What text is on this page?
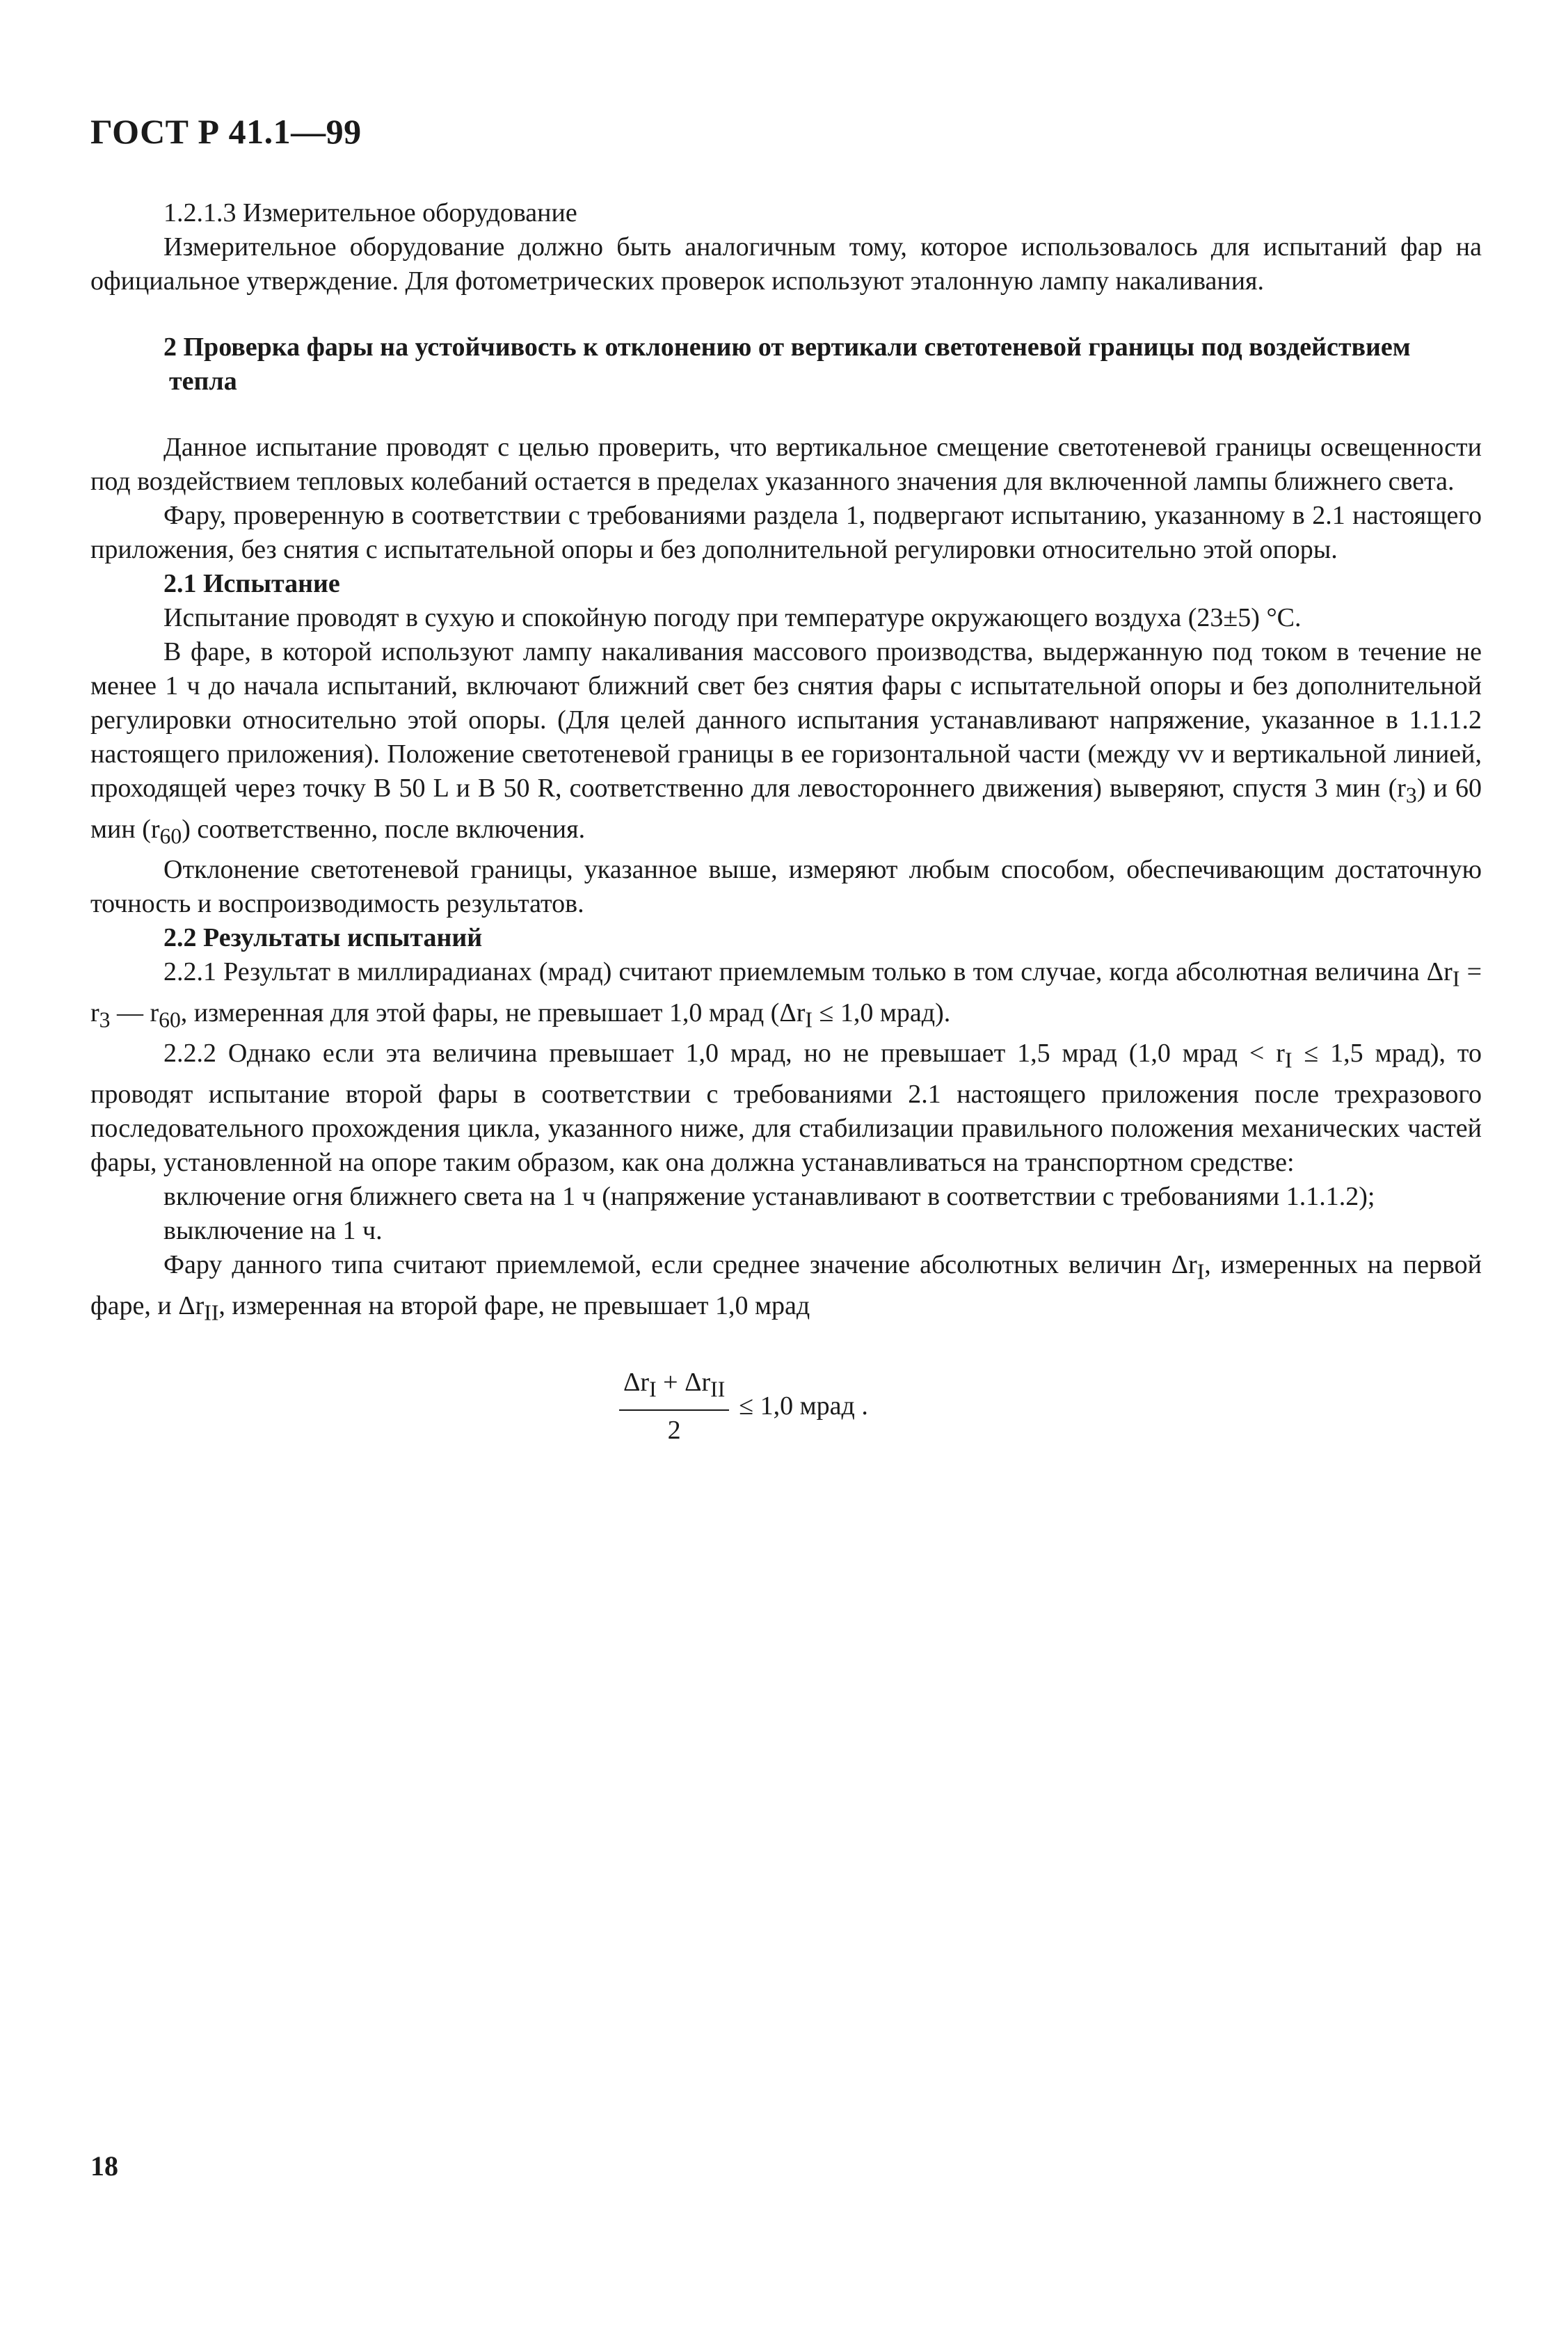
ГОСТ Р 41.1—99

1.2.1.3 Измерительное оборудование

Измерительное оборудование должно быть аналогичным тому, которое использовалось для испытаний фар на официальное утверждение. Для фотометрических проверок используют эталонную лампу накаливания.

2 Проверка фары на устойчивость к отклонению от вертикали светотеневой границы под воздействием
тепла

Данное испытание проводят с целью проверить, что вертикальное смещение светотеневой границы освещенности под воздействием тепловых колебаний остается в пределах указанного значения для включенной лампы ближнего света.

Фару, проверенную в соответствии с требованиями раздела 1, подвергают испытанию, указанному в 2.1 настоящего приложения, без снятия с испытательной опоры и без дополнительной регулировки относительно этой опоры.

2.1 Испытание

Испытание проводят в сухую и спокойную погоду при температуре окружающего воздуха (23±5) °С.

В фаре, в которой используют лампу накаливания массового производства, выдержанную под током в течение не менее 1 ч до начала испытаний, включают ближний свет без снятия фары с испытательной опоры и без дополнительной регулировки относительно этой опоры. (Для целей данного испытания устанавливают напряжение, указанное в 1.1.1.2 настоящего приложения). Положение светотеневой границы в ее горизонтальной части (между vv и вертикальной линией, проходящей через точку B 50 L и B 50 R, соответственно для левостороннего движения) выверяют, спустя 3 мин $(r_3)$ и 60 мин $(r_{60})$ соответственно, после включения.

Отклонение светотеневой границы, указанное выше, измеряют любым способом, обеспечивающим достаточную точность и воспроизводимость результатов.

2.2 Результаты испытаний

2.2.1 Результат в миллирадианах (мрад) считают приемлемым только в том случае, когда абсолютная величина $\Delta r_I = r_3$ — $r_{60}$, измеренная для этой фары, не превышает 1,0 мрад ($\Delta r_I \le 1,0$ мрад).

2.2.2 Однако если эта величина превышает 1,0 мрад, но не превышает 1,5 мрад (1,0 мрад < $r_I \le 1,5$ мрад), то проводят испытание второй фары в соответствии с требованиями 2.1 настоящего приложения после трехразового последовательного прохождения цикла, указанного ниже, для стабилизации правильного положения механических частей фары, установленной на опоре таким образом, как она должна устанавливаться на транспортном средстве:

включение огня ближнего света на 1 ч (напряжение устанавливают в соответствии с требованиями 1.1.1.2);

выключение на 1 ч.

Фару данного типа считают приемлемой, если среднее значение абсолютных величин $\Delta r_I$, измеренных на первой фаре, и $\Delta r_{II}$, измеренная на второй фаре, не превышает 1,0 мрад

$\frac{\Delta r_I + \Delta r_{II}}{2} \le 1,0$ мрад .
18
